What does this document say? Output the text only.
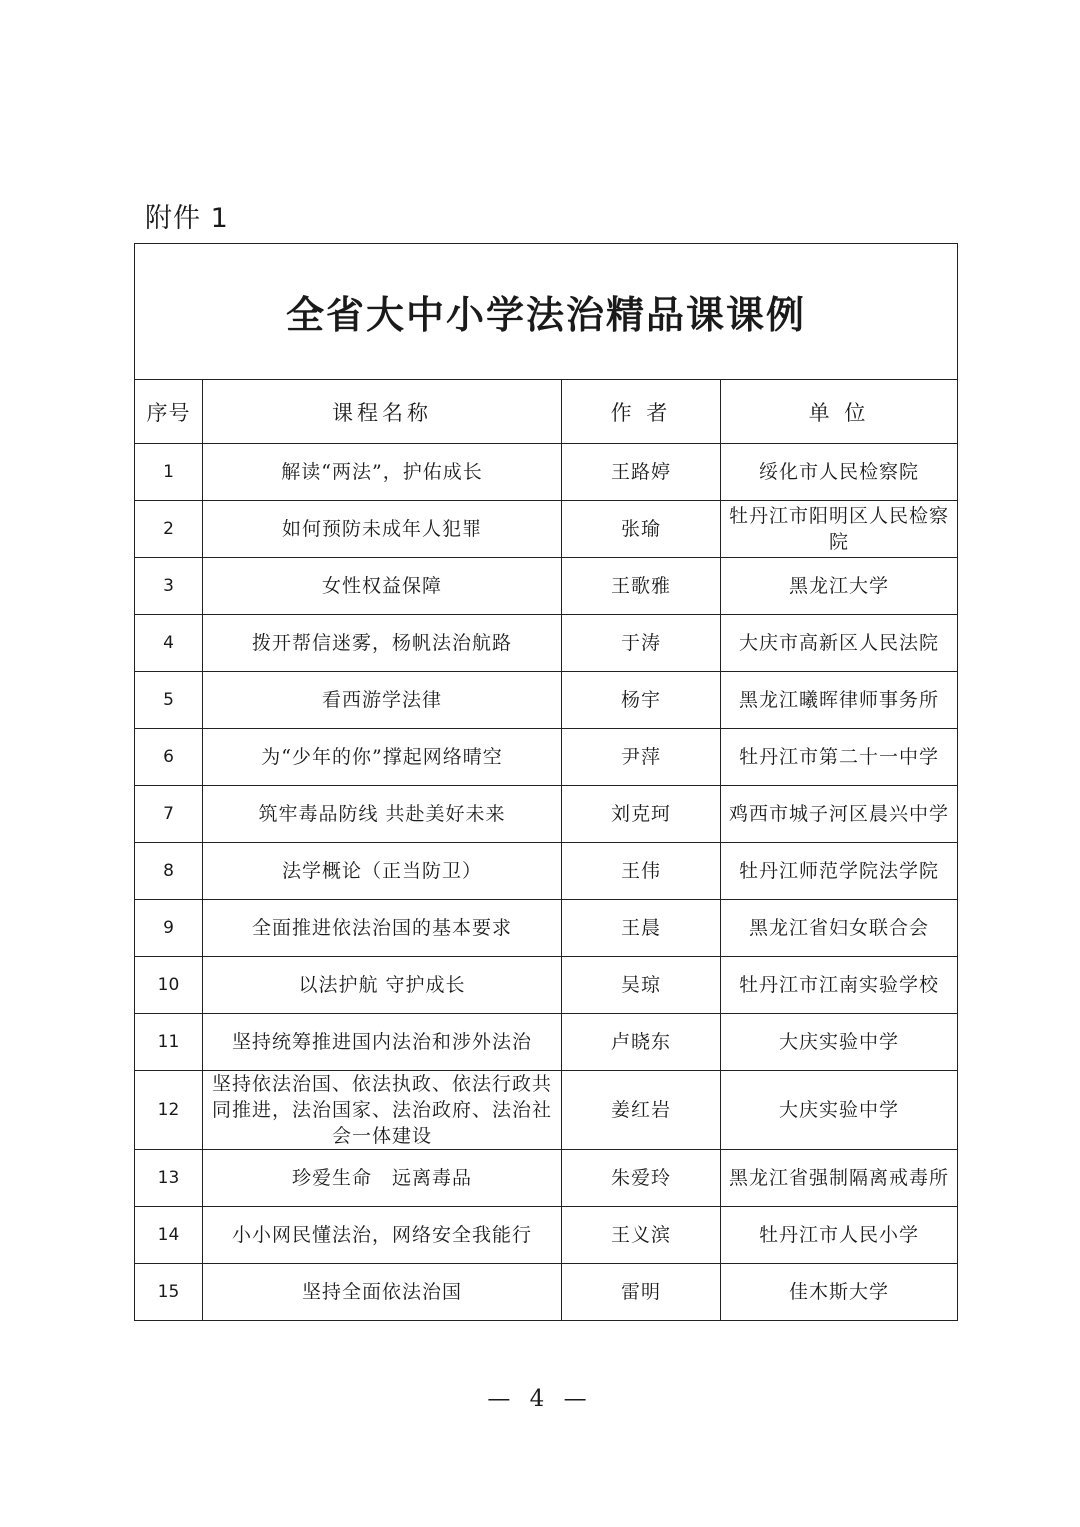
附件 1
全省大中小学法治精品课课例			
序号	课程名称	作 者	单 位
1	解读“两法”，护佑成长	王路婷	绥化市人民检察院
2	如何预防未成年人犯罪	张瑜	牡丹江市阳明区人民检察院
3	女性权益保障	王歌雅	黑龙江大学
4	拨开帮信迷雾，杨帆法治航路	于涛	大庆市高新区人民法院
5	看西游学法律	杨宇	黑龙江曦晖律师事务所
6	为“少年的你”撑起网络晴空	尹萍	牡丹江市第二十一中学
7	筑牢毒品防线 共赴美好未来	刘克珂	鸡西市城子河区晨兴中学
8	法学概论（正当防卫）	王伟	牡丹江师范学院法学院
9	全面推进依法治国的基本要求	王晨	黑龙江省妇女联合会
10	以法护航 守护成长	吴琼	牡丹江市江南实验学校
11	坚持统筹推进国内法治和涉外法治	卢晓东	大庆实验中学
12	坚持依法治国、依法执政、依法行政共同推进，法治国家、法治政府、法治社会一体建设	姜红岩	大庆实验中学
13	珍爱生命　远离毒品	朱爱玲	黑龙江省强制隔离戒毒所
14	小小网民懂法治，网络安全我能行	王义滨	牡丹江市人民小学
15	坚持全面依法治国	雷明	佳木斯大学
— 4 —
